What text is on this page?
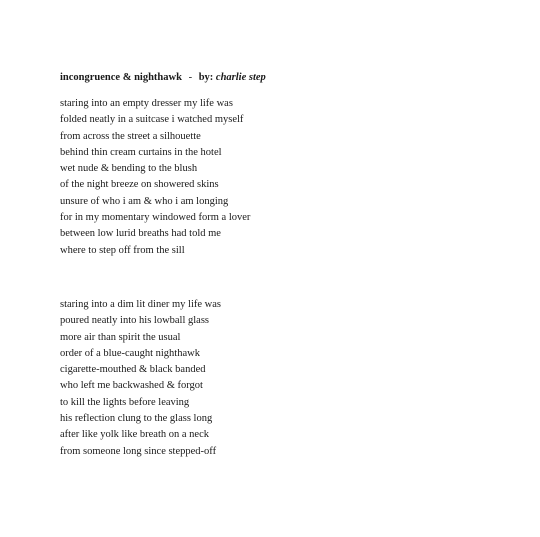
incongruence & nighthawk - by: charlie step
staring into an empty dresser my life was
folded neatly in a suitcase i watched myself
from across the street a silhouette
behind thin cream curtains in the hotel
wet nude & bending to the blush
of the night breeze on showered skins
unsure of who i am & who i am longing
for in my momentary windowed form a lover
between low lurid breaths had told me
where to step off from the sill
staring into a dim lit diner my life was
poured neatly into his lowball glass
more air than spirit the usual
order of a blue-caught nighthawk
cigarette-mouthed & black banded
who left me backwashed & forgot
to kill the lights before leaving
his reflection clung to the glass long
after like yolk like breath on a neck
from someone long since stepped-off
